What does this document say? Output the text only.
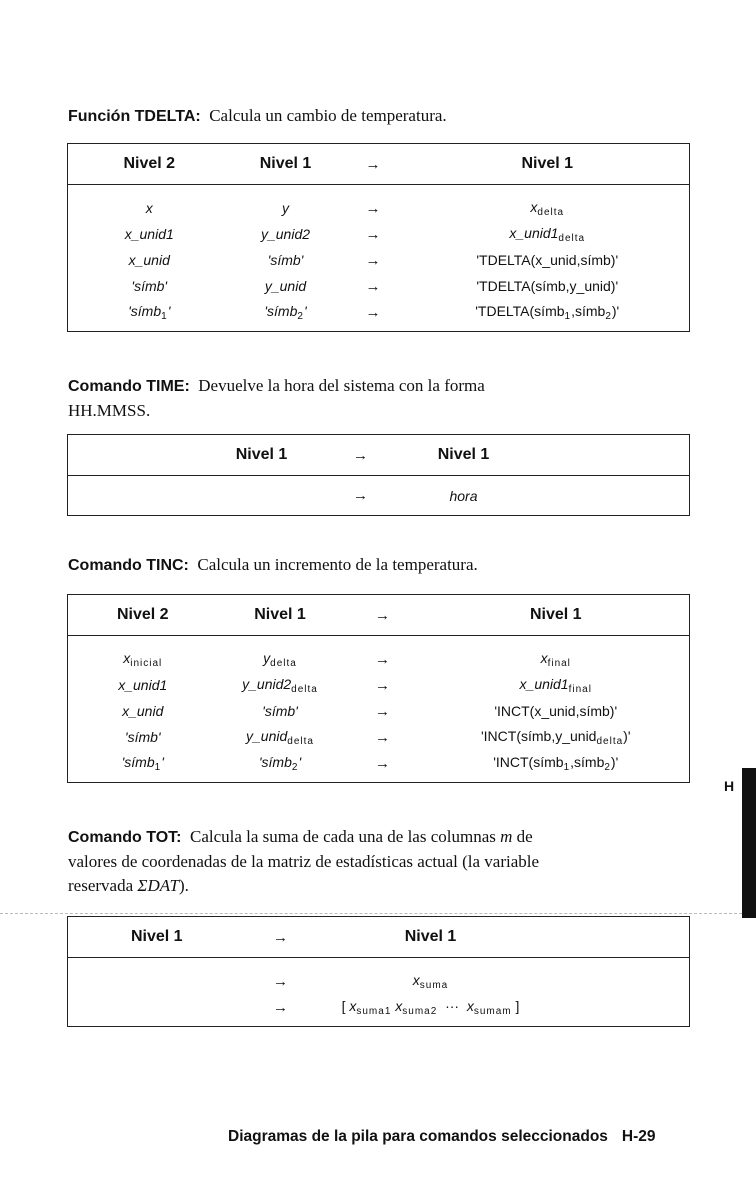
Función TDELTA: Calcula un cambio de temperatura.
Nivel 2	Nivel 1	→	Nivel 1
x	y	→	$x_{delta}$
x_unid1	y_unid2	→	$x\_unid1_{delta}$
x_unid	'símb'	→	'TDELTA(x_unid,símb)'
'símb'	y_unid	→	'TDELTA(símb,y_unid)'
'símb$_1$'	'símb$_2$'	→	'TDELTA(símb$_1$,símb$_2$)'
Comando TIME: Devuelve la hora del sistema con la forma
HH.MMSS.
	Nivel 1	→	Nivel 1	
		→	hora	
Comando TINC: Calcula un incremento de la temperatura.
Nivel 2	Nivel 1	→	Nivel 1
$x_{inicial}$	$y_{delta}$	→	$x_{final}$
x_unid1	$y\_unid2_{delta}$	→	$x\_unid1_{final}$
x_unid	'símb'	→	'INCT(x_unid,símb)'
'símb'	y_unid$_{delta}$	→	'INCT(símb,y_unid$_{delta}$)'
'símb$_1$'	'símb$_2$'	→	'INCT(símb$_1$,símb$_2$)'
H
Comando TOT: Calcula la suma de cada una de las columnas m de
valores de coordenadas de la matriz de estadísticas actual (la variable
reservada ΣDAT).
Nivel 1	→	Nivel 1	
	→	$x_{suma}$	
	→	[ $x_{suma1}$ $x_{suma2}$ ··· $x_{sumam}$ ]	
Diagramas de la pila para comandos seleccionados H-29
